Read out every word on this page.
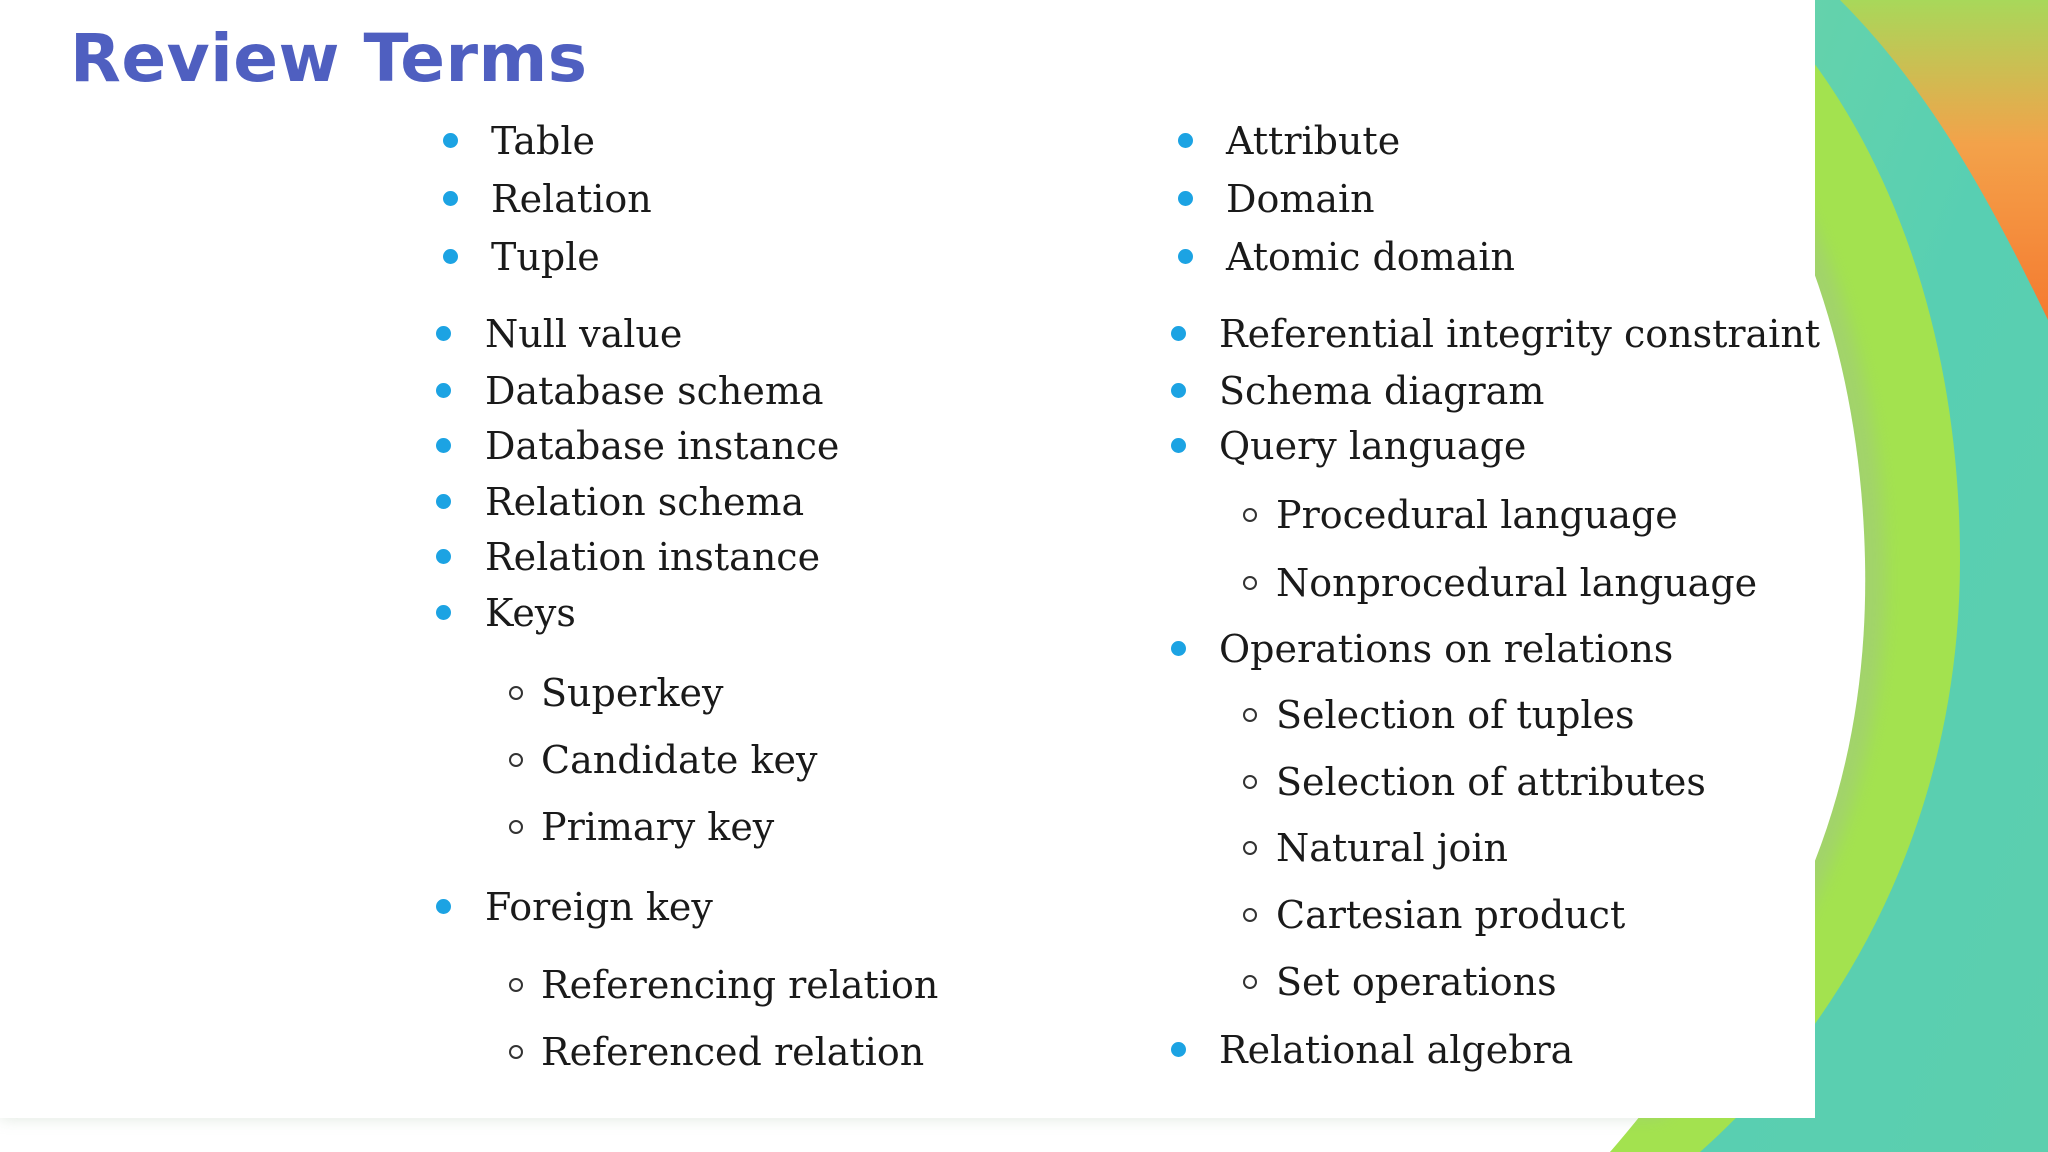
Review Terms
Table
Relation
Tuple
Null value
Database schema
Database instance
Relation schema
Relation instance
Keys
Superkey
Candidate key
Primary key
Foreign key
Referencing relation
Referenced relation
Attribute
Domain
Atomic domain
Referential integrity constraint
Schema diagram
Query language
Procedural language
Nonprocedural language
Operations on relations
Selection of tuples
Selection of attributes
Natural join
Cartesian product
Set operations
Relational algebra
